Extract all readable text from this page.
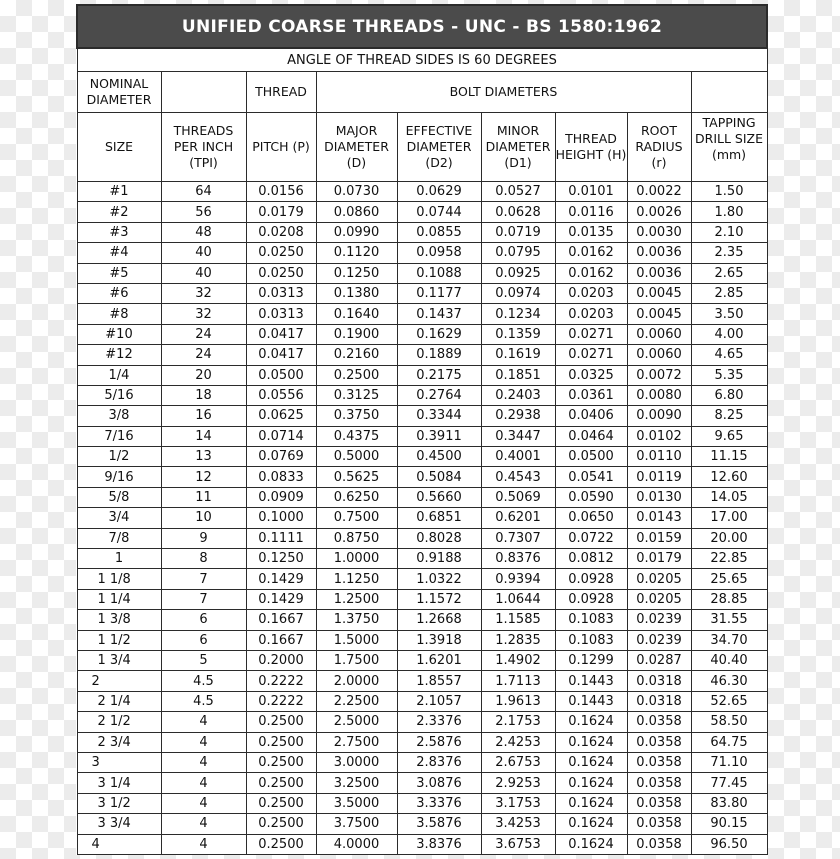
UNIFIED COARSE THREADS - UNC - BS 1580:1962								
ANGLE OF THREAD SIDES IS 60 DEGREES								
NOMINAL DIAMETER		THREAD	BOLT DIAMETERS					
SIZE	THREADS PER INCH (TPI)	PITCH (P)	MAJOR DIAMETER (D)	EFFECTIVE DIAMETER (D2)	MINOR DIAMETER (D1)	THREAD HEIGHT (H)	ROOT RADIUS (r)	TAPPING DRILL SIZE (mm)
#1	64	0.0156	0.0730	0.0629	0.0527	0.0101	0.0022	1.50
#2	56	0.0179	0.0860	0.0744	0.0628	0.0116	0.0026	1.80
#3	48	0.0208	0.0990	0.0855	0.0719	0.0135	0.0030	2.10
#4	40	0.0250	0.1120	0.0958	0.0795	0.0162	0.0036	2.35
#5	40	0.0250	0.1250	0.1088	0.0925	0.0162	0.0036	2.65
#6	32	0.0313	0.1380	0.1177	0.0974	0.0203	0.0045	2.85
#8	32	0.0313	0.1640	0.1437	0.1234	0.0203	0.0045	3.50
#10	24	0.0417	0.1900	0.1629	0.1359	0.0271	0.0060	4.00
#12	24	0.0417	0.2160	0.1889	0.1619	0.0271	0.0060	4.65
1/4	20	0.0500	0.2500	0.2175	0.1851	0.0325	0.0072	5.35
5/16	18	0.0556	0.3125	0.2764	0.2403	0.0361	0.0080	6.80
3/8	16	0.0625	0.3750	0.3344	0.2938	0.0406	0.0090	8.25
7/16	14	0.0714	0.4375	0.3911	0.3447	0.0464	0.0102	9.65
1/2	13	0.0769	0.5000	0.4500	0.4001	0.0500	0.0110	11.15
9/16	12	0.0833	0.5625	0.5084	0.4543	0.0541	0.0119	12.60
5/8	11	0.0909	0.6250	0.5660	0.5069	0.0590	0.0130	14.05
3/4	10	0.1000	0.7500	0.6851	0.6201	0.0650	0.0143	17.00
7/8	9	0.1111	0.8750	0.8028	0.7307	0.0722	0.0159	20.00
1	8	0.1250	1.0000	0.9188	0.8376	0.0812	0.0179	22.85
1 1/8	7	0.1429	1.1250	1.0322	0.9394	0.0928	0.0205	25.65
1 1/4	7	0.1429	1.2500	1.1572	1.0644	0.0928	0.0205	28.85
1 3/8	6	0.1667	1.3750	1.2668	1.1585	0.1083	0.0239	31.55
1 1/2	6	0.1667	1.5000	1.3918	1.2835	0.1083	0.0239	34.70
1 3/4	5	0.2000	1.7500	1.6201	1.4902	0.1299	0.0287	40.40
2	4.5	0.2222	2.0000	1.8557	1.7113	0.1443	0.0318	46.30
2 1/4	4.5	0.2222	2.2500	2.1057	1.9613	0.1443	0.0318	52.65
2 1/2	4	0.2500	2.5000	2.3376	2.1753	0.1624	0.0358	58.50
2 3/4	4	0.2500	2.7500	2.5876	2.4253	0.1624	0.0358	64.75
3	4	0.2500	3.0000	2.8376	2.6753	0.1624	0.0358	71.10
3 1/4	4	0.2500	3.2500	3.0876	2.9253	0.1624	0.0358	77.45
3 1/2	4	0.2500	3.5000	3.3376	3.1753	0.1624	0.0358	83.80
3 3/4	4	0.2500	3.7500	3.5876	3.4253	0.1624	0.0358	90.15
4	4	0.2500	4.0000	3.8376	3.6753	0.1624	0.0358	96.50
